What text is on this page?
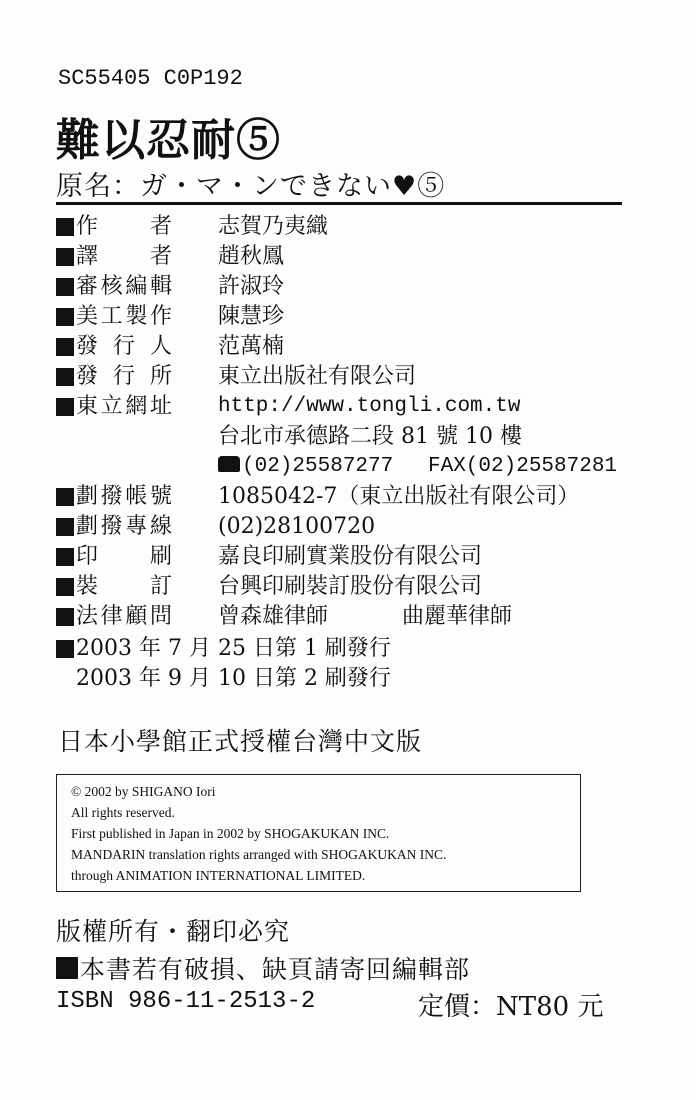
SC55405 C0P192
難以忍耐⑤
原名：ガ・マ・ンできない♥⑤
作 者 志賀乃夷織
譯 者 趙秋鳳
審 核 編 輯 許淑玲
美 工 製 作 陳慧珍
發 行 人 范萬楠
發 行 所 東立出版社有限公司
東 立 網 址 http://www.tongli.com.tw
台北市承德路二段 81 號 10 樓
(02)25587277 FAX(02)25587281
劃 撥 帳 號 1085042-7（東立出版社有限公司）
劃 撥 專 線 (02)28100720
印 刷 嘉良印刷實業股份有限公司
裝 訂 台興印刷裝訂股份有限公司
法 律 顧 問 曾森雄律師	曲麗華律師
2003 年 7 月 25 日第 1 刷發行
2003 年 9 月 10 日第 2 刷發行
日本小學館正式授權台灣中文版
© 2002 by SHIGANO Iori
All rights reserved.
First published in Japan in 2002 by SHOGAKUKAN INC.
MANDARIN translation rights arranged with SHOGAKUKAN INC.
through ANIMATION INTERNATIONAL LIMITED.
版權所有・翻印必究
本書若有破損、缺頁請寄回編輯部
ISBN 986-11-2513-2	定價：NT80 元
